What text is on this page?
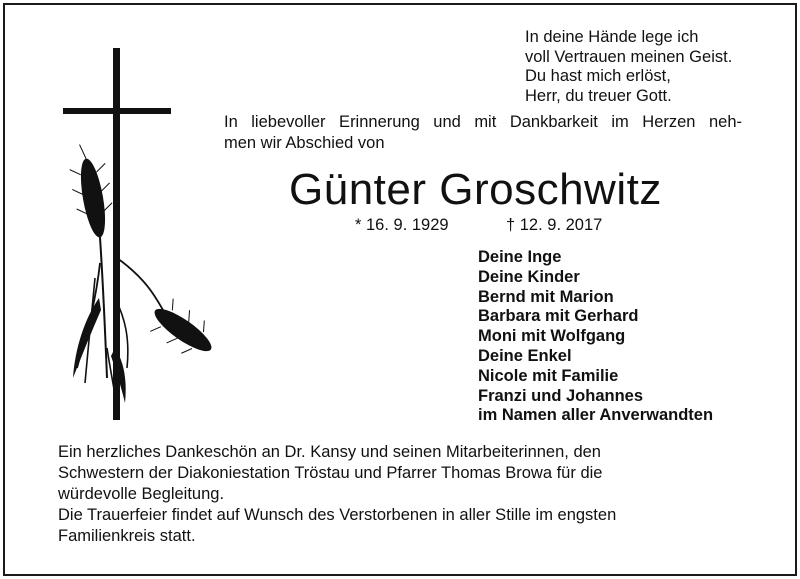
In deine Hände lege ich
voll Vertrauen meinen Geist.
Du hast mich erlöst,
Herr, du treuer Gott.
In liebevoller Erinnerung und mit Dankbarkeit im Herzen neh-
men wir Abschied von
Günter Groschwitz
* 16. 9. 1929	† 12. 9. 2017
Deine Inge
Deine Kinder
Bernd mit Marion
Barbara mit Gerhard
Moni mit Wolfgang
Deine Enkel
Nicole mit Familie
Franzi und Johannes
im Namen aller Anverwandten
Ein herzliches Dankeschön an Dr. Kansy und seinen Mitarbeiterinnen, den
Schwestern der Diakoniestation Tröstau und Pfarrer Thomas Browa für die
würdevolle Begleitung.
Die Trauerfeier findet auf Wunsch des Verstorbenen in aller Stille im engsten
Familienkreis statt.
